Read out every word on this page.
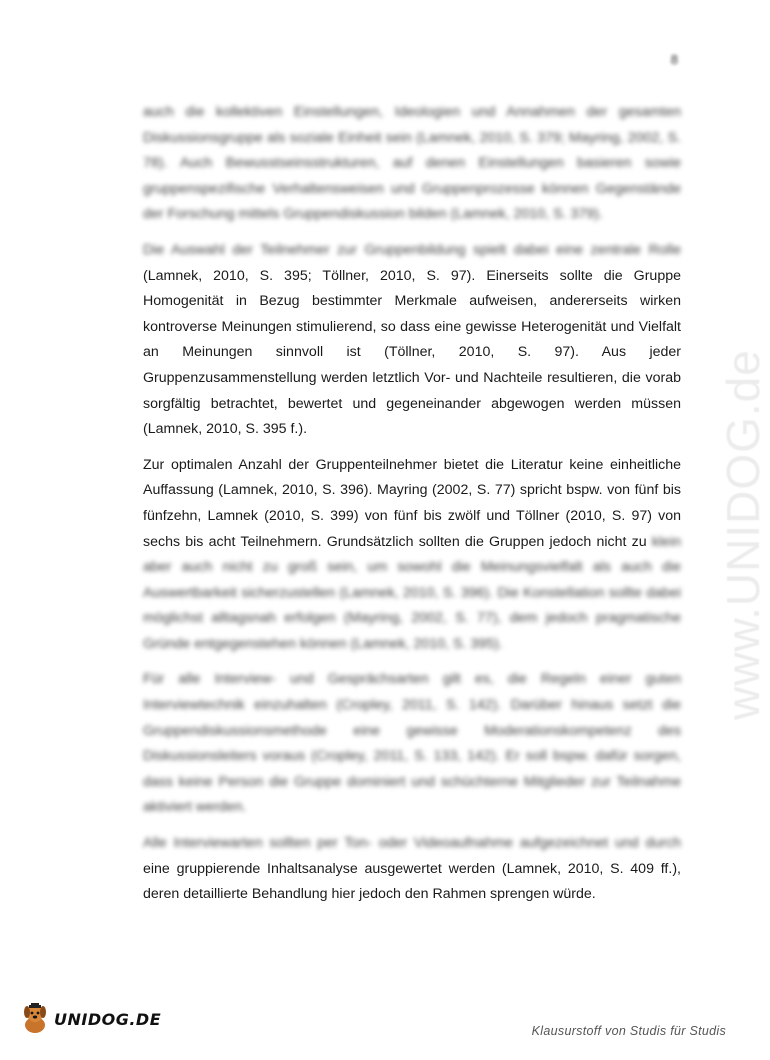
8
www.UNIDOG.de

auch die kollektiven Einstellungen, Ideologien und Annahmen der gesamten Diskussionsgruppe als soziale Einheit sein (Lamnek, 2010, S. 379; Mayring, 2002, S. 78). Auch Bewusstseinsstrukturen, auf denen Einstellungen basieren sowie gruppenspezifische Verhaltensweisen und Gruppenprozesse können Gegenstände der Forschung mittels Gruppendiskussion bilden (Lamnek, 2010, S. 379).

Die Auswahl der Teilnehmer zur Gruppenbildung spielt dabei eine zentrale Rolle (Lamnek, 2010, S. 395; Töllner, 2010, S. 97). Einerseits sollte die Gruppe Homogenität in Bezug bestimmter Merkmale aufweisen, andererseits wirken kontroverse Meinungen stimulierend, so dass eine gewisse Heterogenität und Vielfalt an Meinungen sinnvoll ist (Töllner, 2010, S. 97). Aus jeder Gruppenzusammenstellung werden letztlich Vor- und Nachteile resultieren, die vorab sorgfältig betrachtet, bewertet und gegeneinander abgewogen werden müssen (Lamnek, 2010, S. 395 f.).

Zur optimalen Anzahl der Gruppenteilnehmer bietet die Literatur keine einheitliche Auffassung (Lamnek, 2010, S. 396). Mayring (2002, S. 77) spricht bspw. von fünf bis fünfzehn, Lamnek (2010, S. 399) von fünf bis zwölf und Töllner (2010, S. 97) von sechs bis acht Teilnehmern. Grundsätzlich sollten die Gruppen jedoch nicht zu klein aber auch nicht zu groß sein, um sowohl die Meinungsvielfalt als auch die Auswertbarkeit sicherzustellen (Lamnek, 2010, S. 396). Die Konstellation sollte dabei möglichst alltagsnah erfolgen (Mayring, 2002, S. 77), dem jedoch pragmatische Gründe entgegenstehen können (Lamnek, 2010, S. 395).

Für alle Interview- und Gesprächsarten gilt es, die Regeln einer guten Interviewtechnik einzuhalten (Cropley, 2011, S. 142). Darüber hinaus setzt die Gruppendiskussionsmethode eine gewisse Moderationskompetenz des Diskussionsleiters voraus (Cropley, 2011, S. 133, 142). Er soll bspw. dafür sorgen, dass keine Person die Gruppe dominiert und schüchterne Mitglieder zur Teilnahme aktiviert werden.

Alle Interviewarten sollten per Ton- oder Videoaufnahme aufgezeichnet und durch eine gruppierende Inhaltsanalyse ausgewertet werden (Lamnek, 2010, S. 409 ff.), deren detaillierte Behandlung hier jedoch den Rahmen sprengen würde.

UNIDOG.DE
Klausurstoff von Studis für Studis
